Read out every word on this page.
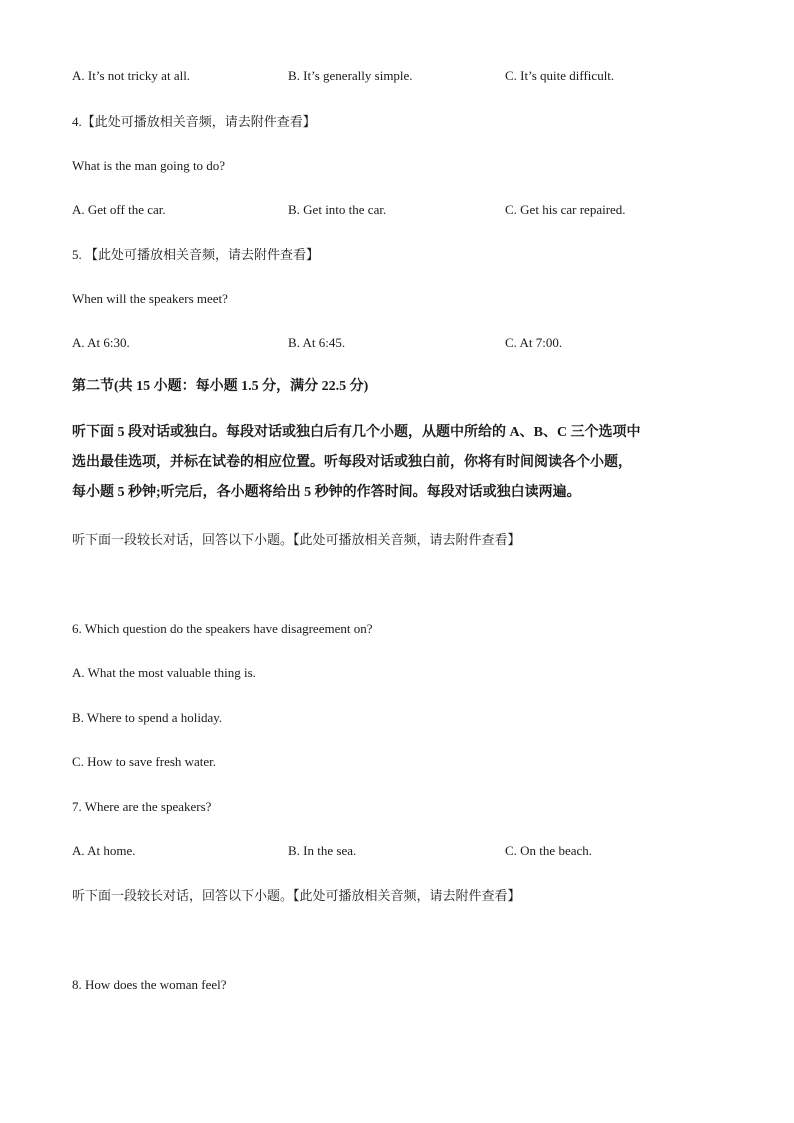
A. It’s not tricky at all.	B. It’s generally simple.	C. It’s quite difficult.
4.【此处可播放相关音频，请去附件查看】
What is the man going to do?
A. Get off the car.	B. Get into the car.	C. Get his car repaired.
5. 【此处可播放相关音频，请去附件查看】
When will the speakers meet?
A. At 6:30.	B. At 6:45.	C. At 7:00.
第二节(共 15 小题：每小题 1.5 分，满分 22.5 分)
听下面 5 段对话或独白。每段对话或独白后有几个小题，从题中所给的 A、B、C 三个选项中
选出最佳选项，并标在试卷的相应位置。听每段对话或独白前，你将有时间阅读各个小题，
每小题 5 秒钟;听完后，各小题将给出 5 秒钟的作答时间。每段对话或独白读两遍。
听下面一段较长对话，回答以下小题。【此处可播放相关音频，请去附件查看】
6. Which question do the speakers have disagreement on?
A. What the most valuable thing is.
B. Where to spend a holiday.
C. How to save fresh water.
7. Where are the speakers?
A. At home.	B. In the sea.	C. On the beach.
听下面一段较长对话，回答以下小题。【此处可播放相关音频，请去附件查看】
8. How does the woman feel?
